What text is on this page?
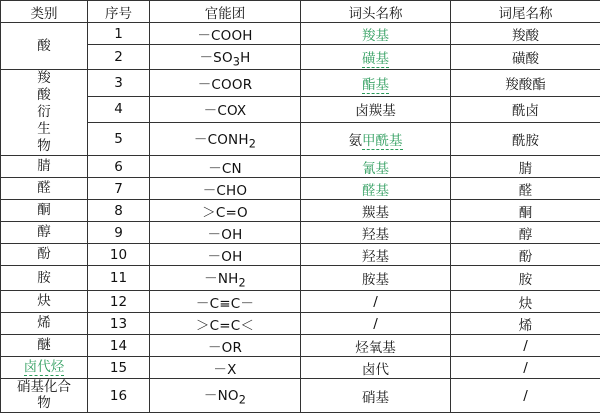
类别	序号	官能团	词头名称	词尾名称
酸	1	－COOH	羧基	羧酸
	2	$-SO_3H$	磺基	磺酸
羧酸衍生物	3	－COOR	酯基	羧酸酯
	4	－COX	卤羰基	酰卤
	5	$-CONH_2$	氨甲酰基	酰胺
腈	6	－CN	氰基	腈
醛	7	－CHO	醛基	醛
酮	8	＞C=O	羰基	酮
醇	9	－OH	羟基	醇
酚	10	－OH	羟基	酚
胺	11	$-NH_2$	胺基	胺
炔	12	－C≡C－	/	炔
烯	13	＞C=C＜	/	烯
醚	14	－OR	烃氧基	/
卤代烃	15	－X	卤代	/
硝基化合物	16	$-NO_2$	硝基	/
